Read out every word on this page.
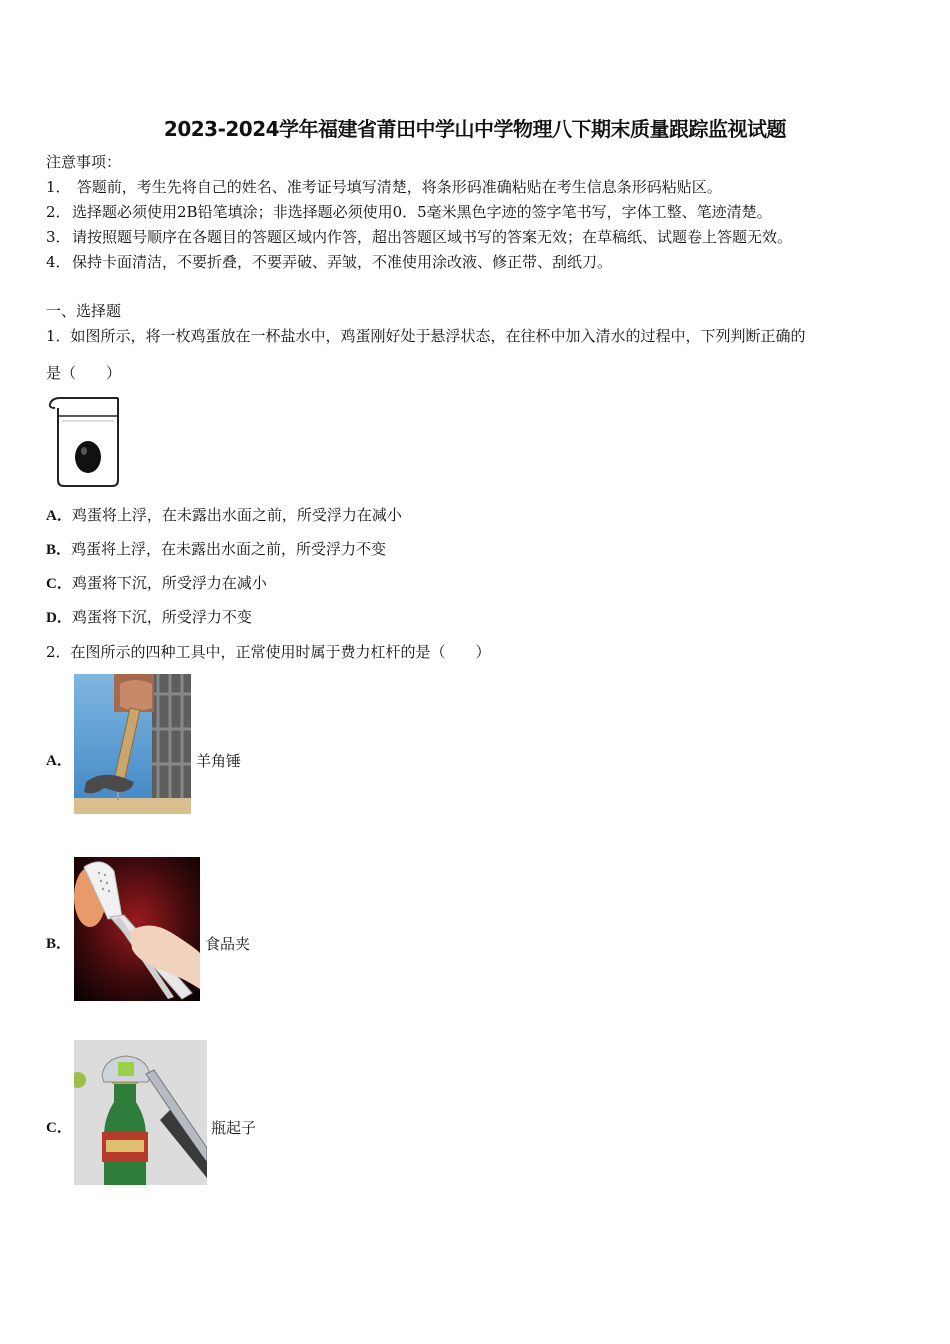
2023-2024学年福建省莆田中学山中学物理八下期末质量跟踪监视试题
注意事项：
1． 答题前，考生先将自己的姓名、准考证号填写清楚，将条形码准确粘贴在考生信息条形码粘贴区。
2．选择题必须使用2B铅笔填涂；非选择题必须使用0．5毫米黑色字迹的签字笔书写，字体工整、笔迹清楚。
3．请按照题号顺序在各题目的答题区域内作答，超出答题区域书写的答案无效；在草稿纸、试题卷上答题无效。
4．保持卡面清洁，不要折叠，不要弄破、弄皱，不准使用涂改液、修正带、刮纸刀。
一、选择题
1．如图所示，将一枚鸡蛋放在一杯盐水中，鸡蛋刚好处于悬浮状态，在往杯中加入清水的过程中，下列判断正确的
是（　　）
A．鸡蛋将上浮，在未露出水面之前，所受浮力在减小
B．鸡蛋将上浮，在未露出水面之前，所受浮力不变
C．鸡蛋将下沉，所受浮力在减小
D．鸡蛋将下沉，所受浮力不变
2．在图所示的四种工具中，正常使用时属于费力杠杆的是（　　）
A．	羊角锤
B．	食品夹
C．	瓶起子
